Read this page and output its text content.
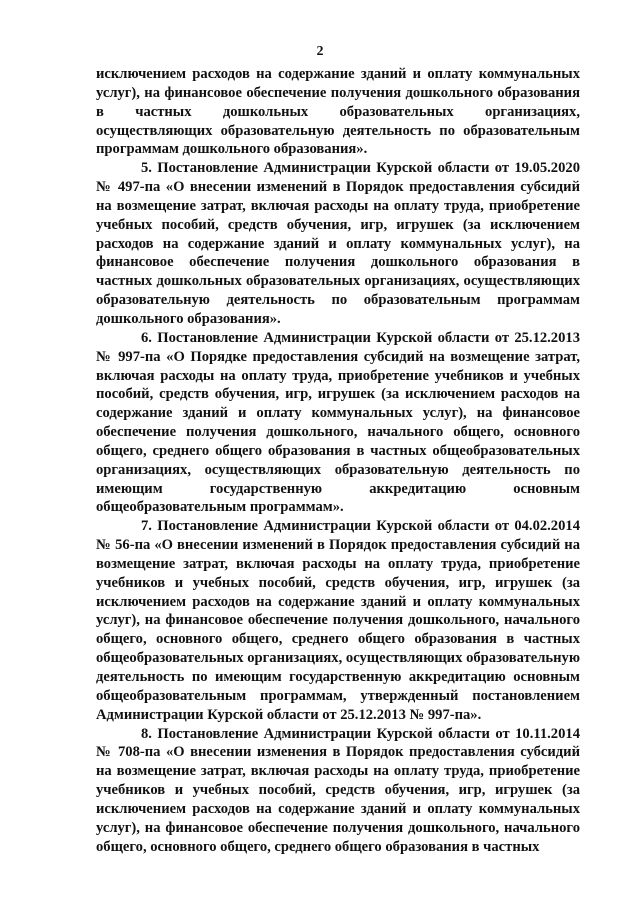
2

исключением расходов на содержание зданий и оплату коммунальных услуг), на финансовое обеспечение получения дошкольного образования в частных дошкольных образовательных организациях, осуществляющих образовательную деятельность по образовательным программам дошкольного образования».

5. Постановление Администрации Курской области от 19.05.2020 № 497-па «О внесении изменений в Порядок предоставления субсидий на возмещение затрат, включая расходы на оплату труда, приобретение учебных пособий, средств обучения, игр, игрушек (за исключением расходов на содержание зданий и оплату коммунальных услуг), на финансовое обеспечение получения дошкольного образования в частных дошкольных образовательных организациях, осуществляющих образовательную деятельность по образовательным программам дошкольного образования».

6. Постановление Администрации Курской области от 25.12.2013 № 997-па «О Порядке предоставления субсидий на возмещение затрат, включая расходы на оплату труда, приобретение учебников и учебных пособий, средств обучения, игр, игрушек (за исключением расходов на содержание зданий и оплату коммунальных услуг), на финансовое обеспечение получения дошкольного, начального общего, основного общего, среднего общего образования в частных общеобразовательных организациях, осуществляющих образовательную деятельность по имеющим государственную аккредитацию основным общеобразовательным программам».

7. Постановление Администрации Курской области от 04.02.2014 № 56-па «О внесении изменений в Порядок предоставления субсидий на возмещение затрат, включая расходы на оплату труда, приобретение учебников и учебных пособий, средств обучения, игр, игрушек (за исключением расходов на содержание зданий и оплату коммунальных услуг), на финансовое обеспечение получения дошкольного, начального общего, основного общего, среднего общего образования в частных общеобразовательных организациях, осуществляющих образовательную деятельность по имеющим государственную аккредитацию основным общеобразовательным программам, утвержденный постановлением Администрации Курской области от 25.12.2013 № 997-па».

8. Постановление Администрации Курской области от 10.11.2014 № 708-па «О внесении изменения в Порядок предоставления субсидий на возмещение затрат, включая расходы на оплату труда, приобретение учебников и учебных пособий, средств обучения, игр, игрушек (за исключением расходов на содержание зданий и оплату коммунальных услуг), на финансовое обеспечение получения дошкольного, начального общего, основного общего, среднего общего образования в частных
